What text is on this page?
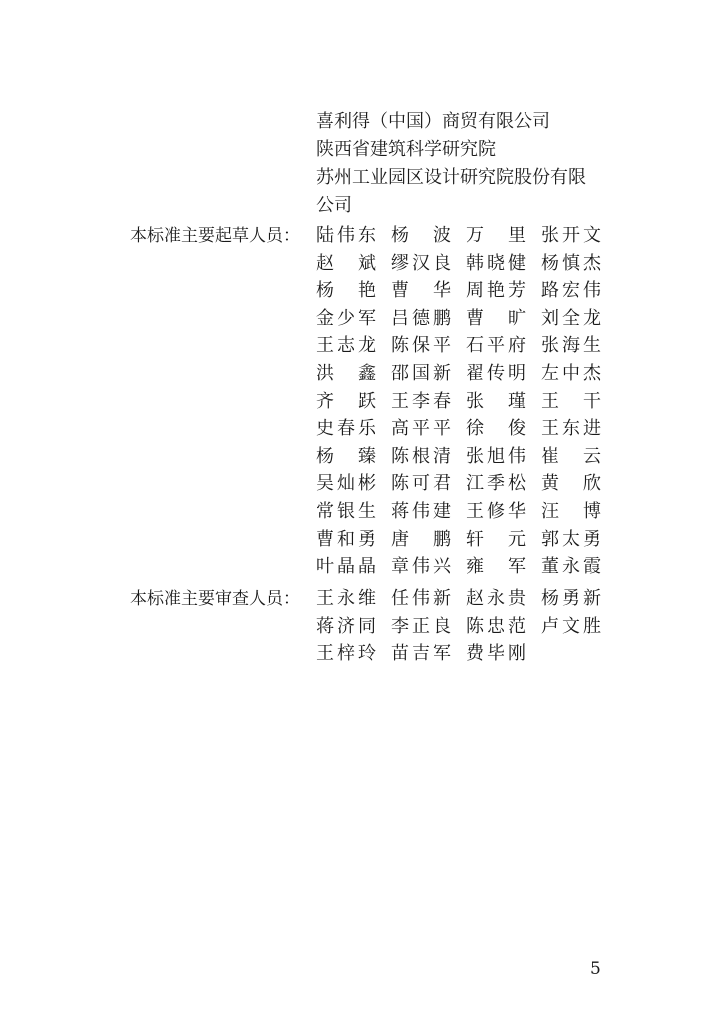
喜利得（中国）商贸有限公司
陕西省建筑科学研究院
苏州工业园区设计研究院股份有限
公司
本标准主要起草人员： 陆伟东 杨 波 万 里 张开文
赵 斌 缪汉良 韩晓健 杨慎杰
杨 艳 曹 华 周艳芳 路宏伟
金少军 吕德鹏 曹 旷 刘全龙
王志龙 陈保平 石平府 张海生
洪 鑫 邵国新 翟传明 左中杰
齐 跃 王李春 张 瑾 王 干
史春乐 高平平 徐 俊 王东进
杨 臻 陈根清 张旭伟 崔 云
吴灿彬 陈可君 江季松 黄 欣
常银生 蒋伟建 王修华 汪 博
曹和勇 唐 鹏 轩 元 郭太勇
叶晶晶 章伟兴 雍 军 董永霞
本标准主要审查人员： 王永维 任伟新 赵永贵 杨勇新
蒋济同 李正良 陈忠范 卢文胜
王梓玲 苗吉军 费毕刚
5
